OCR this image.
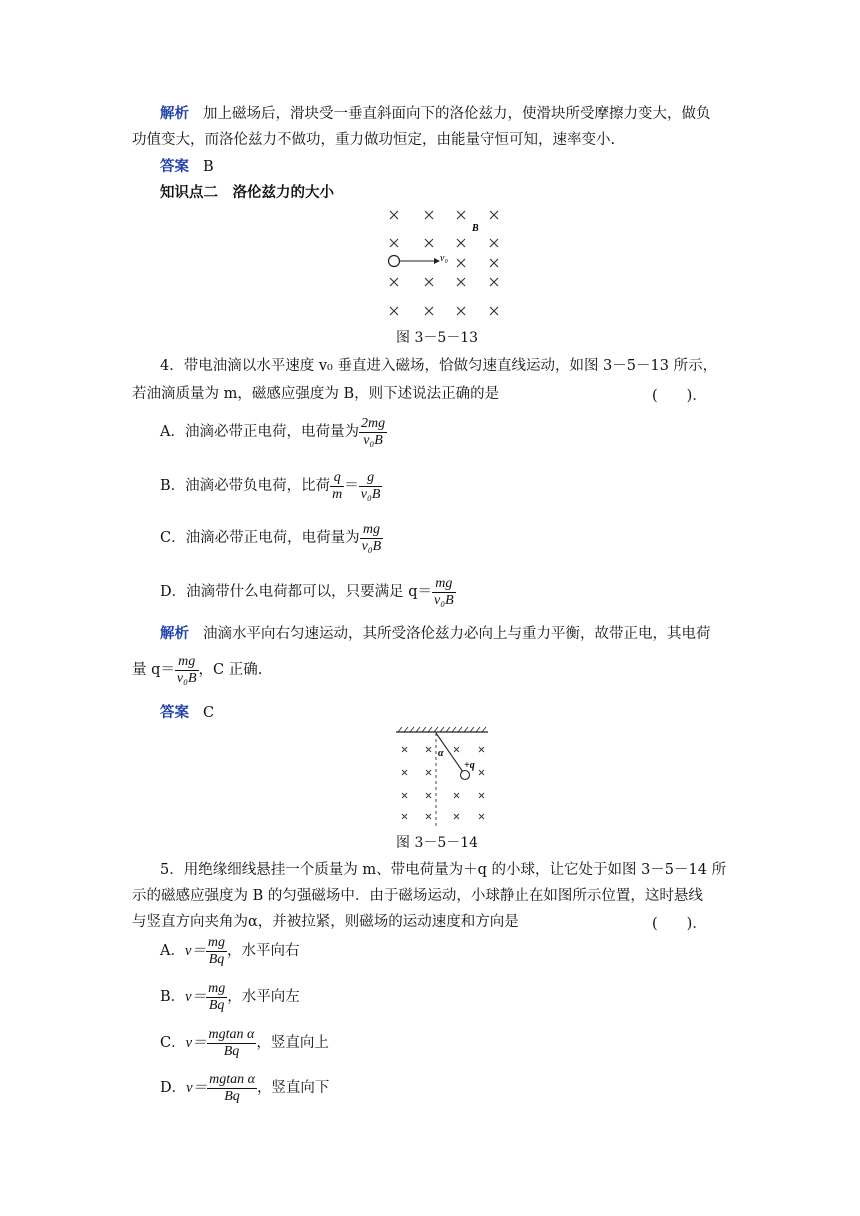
解析 加上磁场后，滑块受一垂直斜面向下的洛伦兹力，使滑块所受摩擦力变大，做负
功值变大，而洛伦兹力不做功，重力做功恒定，由能量守恒可知，速率变小.
答案 B
知识点二　洛伦兹力的大小
v₀
B
图 3－5－13
4．带电油滴以水平速度 v₀ 垂直进入磁场，恰做匀速直线运动，如图 3－5－13 所示，
若油滴质量为 m，磁感应强度为 B，则下述说法正确的是	(　　)．
A．油滴必带正电荷，电荷量为 $\frac{2mg}{\text{v₀B}}$
B．油滴必带负电荷，比荷 $\frac{q}{m} = \frac{g}{\text{v₀B}}$
C．油滴必带正电荷，电荷量为 $\frac{mg}{\text{v₀B}}$
D．油滴带什么电荷都可以，只要满足 $q= \frac{mg}{\text{v₀B}}$
解析 油滴水平向右匀速运动，其所受洛伦兹力必向上与重力平衡，故带正电，其电荷
量 $q= \frac{mg}{\text{v₀B}}$ ，C 正确.
答案 C
α
+q
图 3－5－14
5．用绝缘细线悬挂一个质量为 m、带电荷量为＋q 的小球，让它处于如图 3－5－14 所
示的磁感应强度为 B 的匀强磁场中．由于磁场运动，小球静止在如图所示位置，这时悬线
与竖直方向夹角为α，并被拉紧，则磁场的运动速度和方向是	(　　)．
A．$v= \frac{mg}{Bq}$ ，水平向右
B．$v= \frac{mg}{Bq}$ ，水平向左
C．$v= \frac{\text{mgtan α}}{Bq}$ ，竖直向上
D．$v= \frac{\text{mgtan α}}{Bq}$ ，竖直向下
